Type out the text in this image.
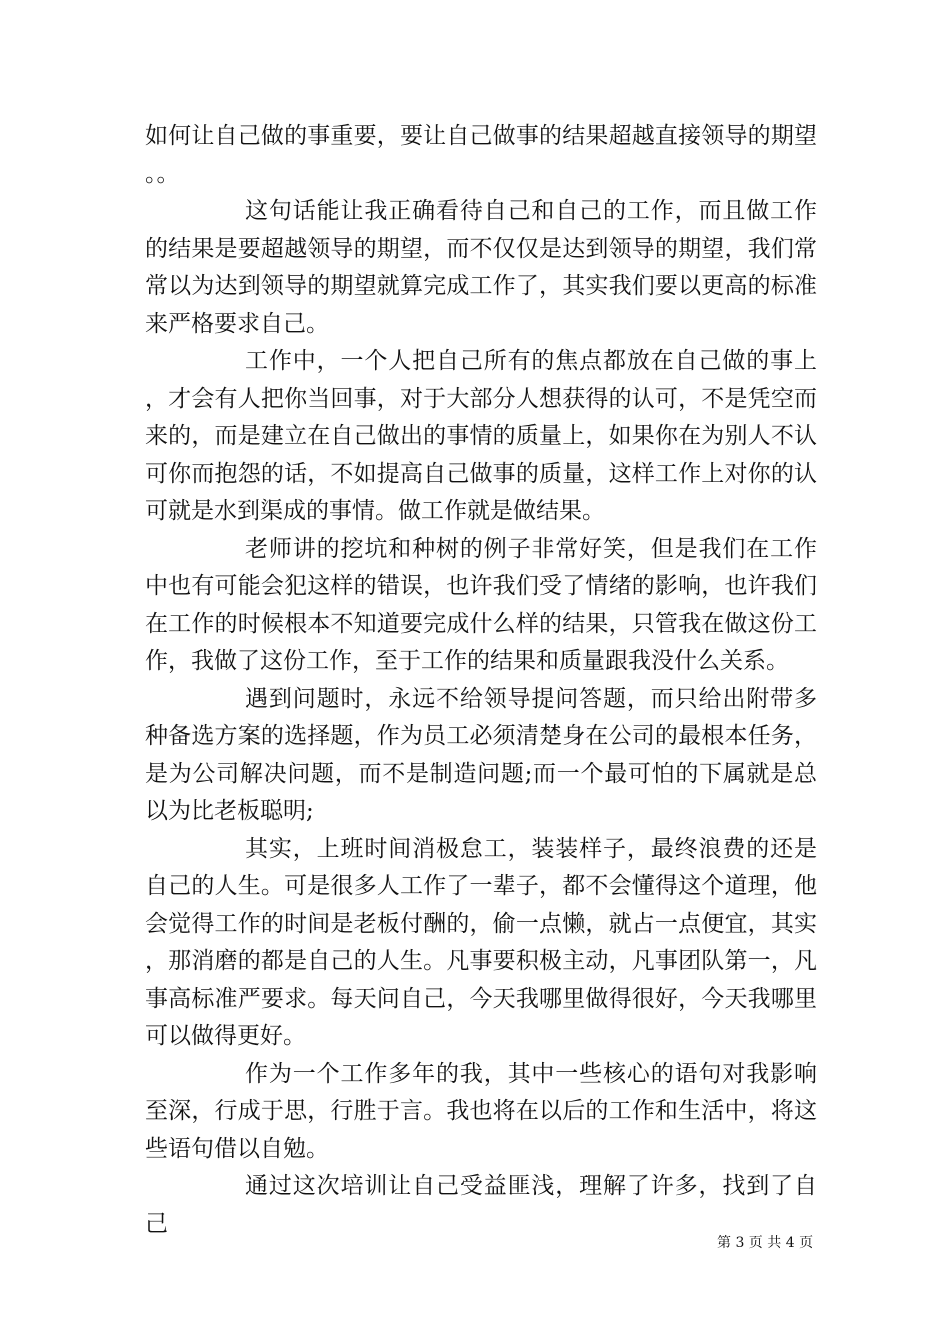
如何让自己做的事重要，要让自己做事的结果超越直接领导的期望。。

这句话能让我正确看待自己和自己的工作，而且做工作的结果是要超越领导的期望，而不仅仅是达到领导的期望，我们常常以为达到领导的期望就算完成工作了，其实我们要以更高的标准来严格要求自己。

工作中，一个人把自己所有的焦点都放在自己做的事上，才会有人把你当回事，对于大部分人想获得的认可，不是凭空而来的，而是建立在自己做出的事情的质量上，如果你在为别人不认可你而抱怨的话，不如提高自己做事的质量，这样工作上对你的认可就是水到渠成的事情。做工作就是做结果。

老师讲的挖坑和种树的例子非常好笑，但是我们在工作中也有可能会犯这样的错误，也许我们受了情绪的影响，也许我们在工作的时候根本不知道要完成什么样的结果，只管我在做这份工作，我做了这份工作，至于工作的结果和质量跟我没什么关系。

遇到问题时，永远不给领导提问答题，而只给出附带多种备选方案的选择题，作为员工必须清楚身在公司的最根本任务，是为公司解决问题，而不是制造问题;而一个最可怕的下属就是总以为比老板聪明;

其实，上班时间消极怠工，装装样子，最终浪费的还是自己的人生。可是很多人工作了一辈子，都不会懂得这个道理，他会觉得工作的时间是老板付酬的，偷一点懒，就占一点便宜，其实，那消磨的都是自己的人生。凡事要积极主动，凡事团队第一，凡事高标准严要求。每天问自己，今天我哪里做得很好，今天我哪里可以做得更好。

作为一个工作多年的我，其中一些核心的语句对我影响至深，行成于思，行胜于言。我也将在以后的工作和生活中，将这些语句借以自勉。

通过这次培训让自己受益匪浅，理解了许多，找到了自己

第 3 页 共 4 页
